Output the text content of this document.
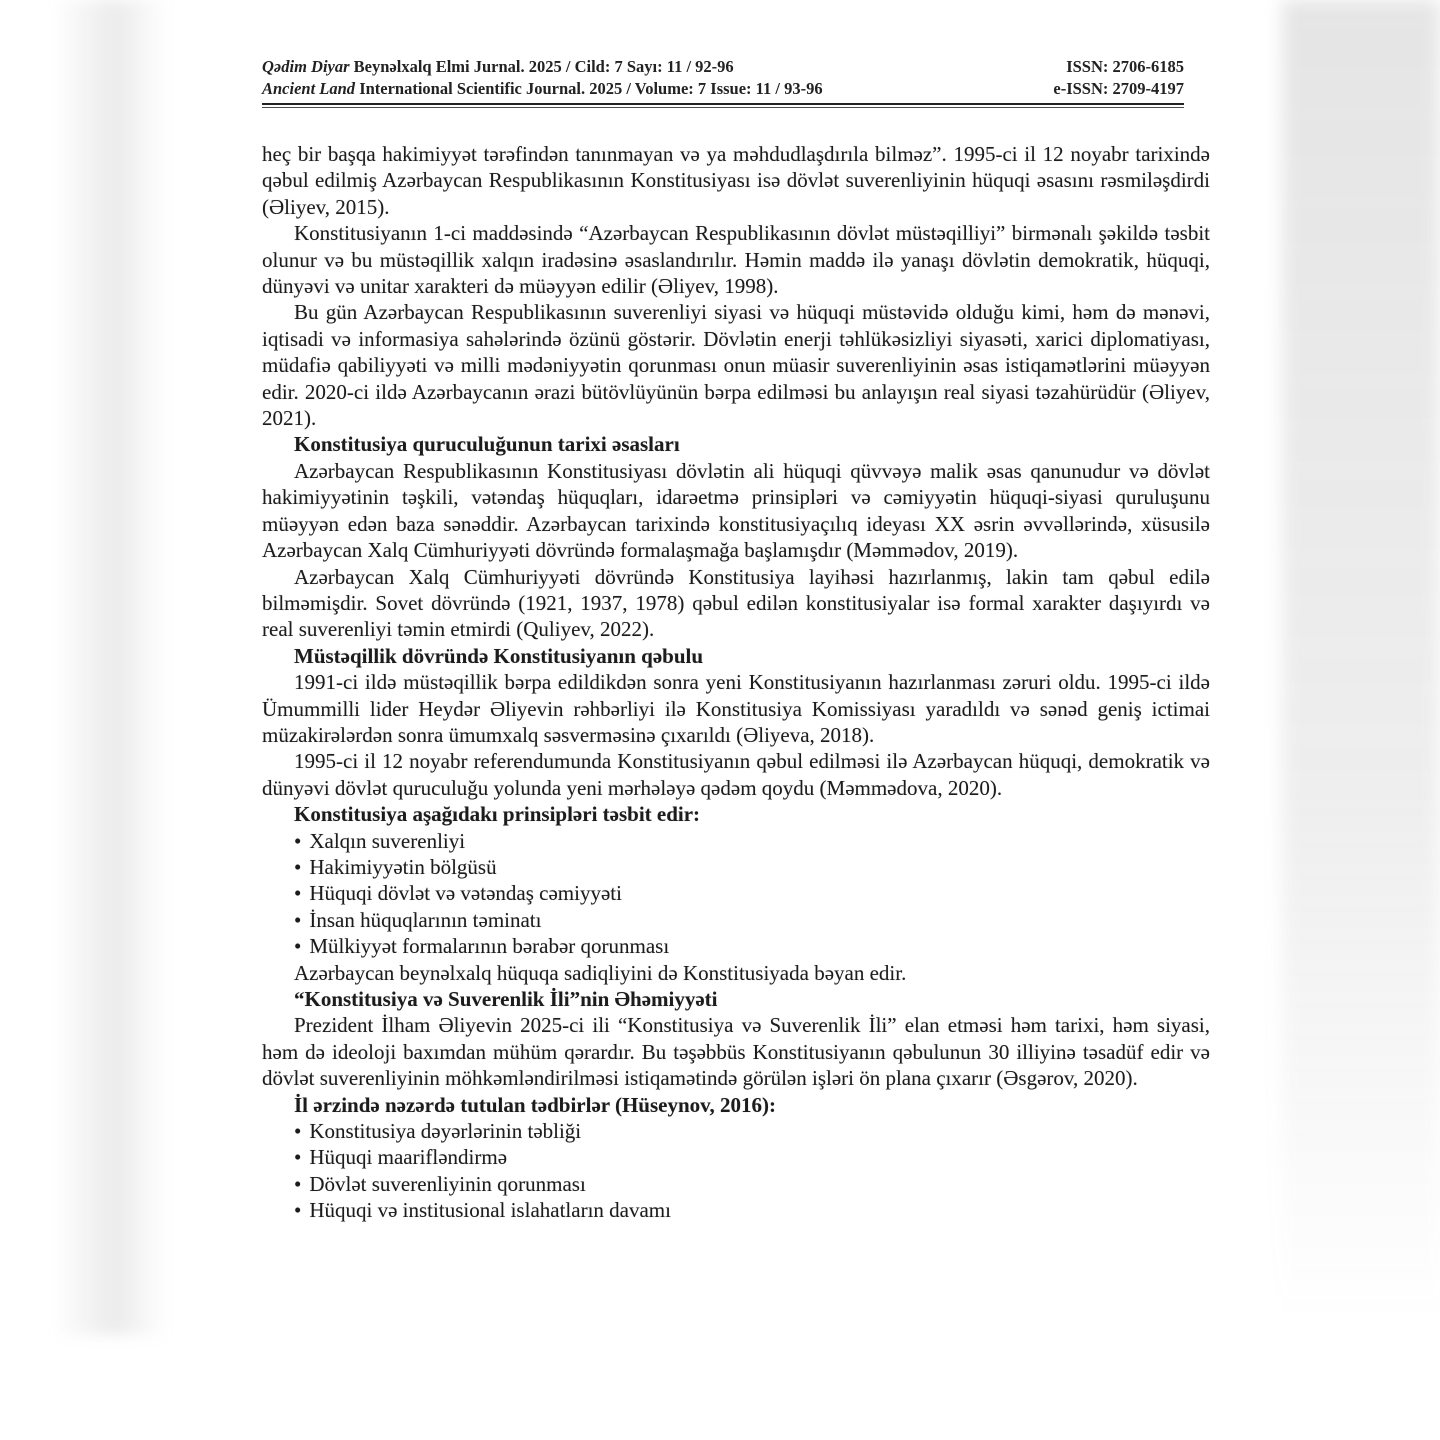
Qədim Diyar Beynəlxalq Elmi Jurnal. 2025 / Cild: 7 Sayı: 11 / 92-96
Ancient Land International Scientific Journal. 2025 / Volume: 7 Issue: 11 / 93-96
ISSN: 2706-6185
e-ISSN: 2709-4197

heç bir başqa hakimiyyət tərəfindən tanınmayan və ya məhdudlaşdırıla bilməz”. 1995-ci il 12 noyabr tarixində qəbul edilmiş Azərbaycan Respublikasının Konstitusiyası isə dövlət suverenliyinin hüquqi əsasını rəsmiləşdirdi (Əliyev, 2015).

Konstitusiyanın 1-ci maddəsində “Azərbaycan Respublikasının dövlət müstəqilliyi” birmənalı şəkildə təsbit olunur və bu müstəqillik xalqın iradəsinə əsaslandırılır. Həmin maddə ilə yanaşı dövlətin demokratik, hüquqi, dünyəvi və unitar xarakteri də müəyyən edilir (Əliyev, 1998).

Bu gün Azərbaycan Respublikasının suverenliyi siyasi və hüquqi müstəvidə olduğu kimi, həm də mənəvi, iqtisadi və informasiya sahələrində özünü göstərir. Dövlətin enerji təhlükəsizliyi siyasəti, xarici diplomatiyası, müdafiə qabiliyyəti və milli mədəniyyətin qorunması onun müasir suverenliyinin əsas istiqamətlərini müəyyən edir. 2020-ci ildə Azərbaycanın ərazi bütövlüyünün bərpa edilməsi bu anlayışın real siyasi təzahürüdür (Əliyev, 2021).

Konstitusiya quruculuğunun tarixi əsasları

Azərbaycan Respublikasının Konstitusiyası dövlətin ali hüquqi qüvvəyə malik əsas qanunudur və dövlət hakimiyyətinin təşkili, vətəndaş hüquqları, idarəetmə prinsipləri və cəmiyyətin hüquqi-siyasi quruluşunu müəyyən edən baza sənəddir. Azərbaycan tarixində konstitusiyaçılıq ideyası XX əsrin əvvəllərində, xüsusilə Azərbaycan Xalq Cümhuriyyəti dövründə formalaşmağa başlamışdır (Məmmədov, 2019).

Azərbaycan Xalq Cümhuriyyəti dövründə Konstitusiya layihəsi hazırlanmış, lakin tam qəbul edilə bilməmişdir. Sovet dövründə (1921, 1937, 1978) qəbul edilən konstitusiyalar isə formal xarakter daşıyırdı və real suverenliyi təmin etmirdi (Quliyev, 2022).

Müstəqillik dövründə Konstitusiyanın qəbulu

1991-ci ildə müstəqillik bərpa edildikdən sonra yeni Konstitusiyanın hazırlanması zəruri oldu. 1995-ci ildə Ümummilli lider Heydər Əliyevin rəhbərliyi ilə Konstitusiya Komissiyası yaradıldı və sənəd geniş ictimai müzakirələrdən sonra ümumxalq səsverməsinə çıxarıldı (Əliyeva, 2018).

1995-ci il 12 noyabr referendumunda Konstitusiyanın qəbul edilməsi ilə Azərbaycan hüquqi, demokratik və dünyəvi dövlət quruculuğu yolunda yeni mərhələyə qədəm qoydu (Məmmədova, 2020).

Konstitusiya aşağıdakı prinsipləri təsbit edir:

• Xalqın suverenliyi

• Hakimiyyətin bölgüsü

• Hüquqi dövlət və vətəndaş cəmiyyəti

• İnsan hüquqlarının təminatı

• Mülkiyyət formalarının bərabər qorunması

Azərbaycan beynəlxalq hüquqa sadiqliyini də Konstitusiyada bəyan edir.

“Konstitusiya və Suverenlik İli”nin Əhəmiyyəti

Prezident İlham Əliyevin 2025-ci ili “Konstitusiya və Suverenlik İli” elan etməsi həm tarixi, həm siyasi, həm də ideoloji baxımdan mühüm qərardır. Bu təşəbbüs Konstitusiyanın qəbulunun 30 illiyinə təsadüf edir və dövlət suverenliyinin möhkəmləndirilməsi istiqamətində görülən işləri ön plana çıxarır (Əsgərov, 2020).

İl ərzində nəzərdə tutulan tədbirlər (Hüseynov, 2016):

• Konstitusiya dəyərlərinin təbliği

• Hüquqi maarifləndirmə

• Dövlət suverenliyinin qorunması

• Hüquqi və institusional islahatların davamı
